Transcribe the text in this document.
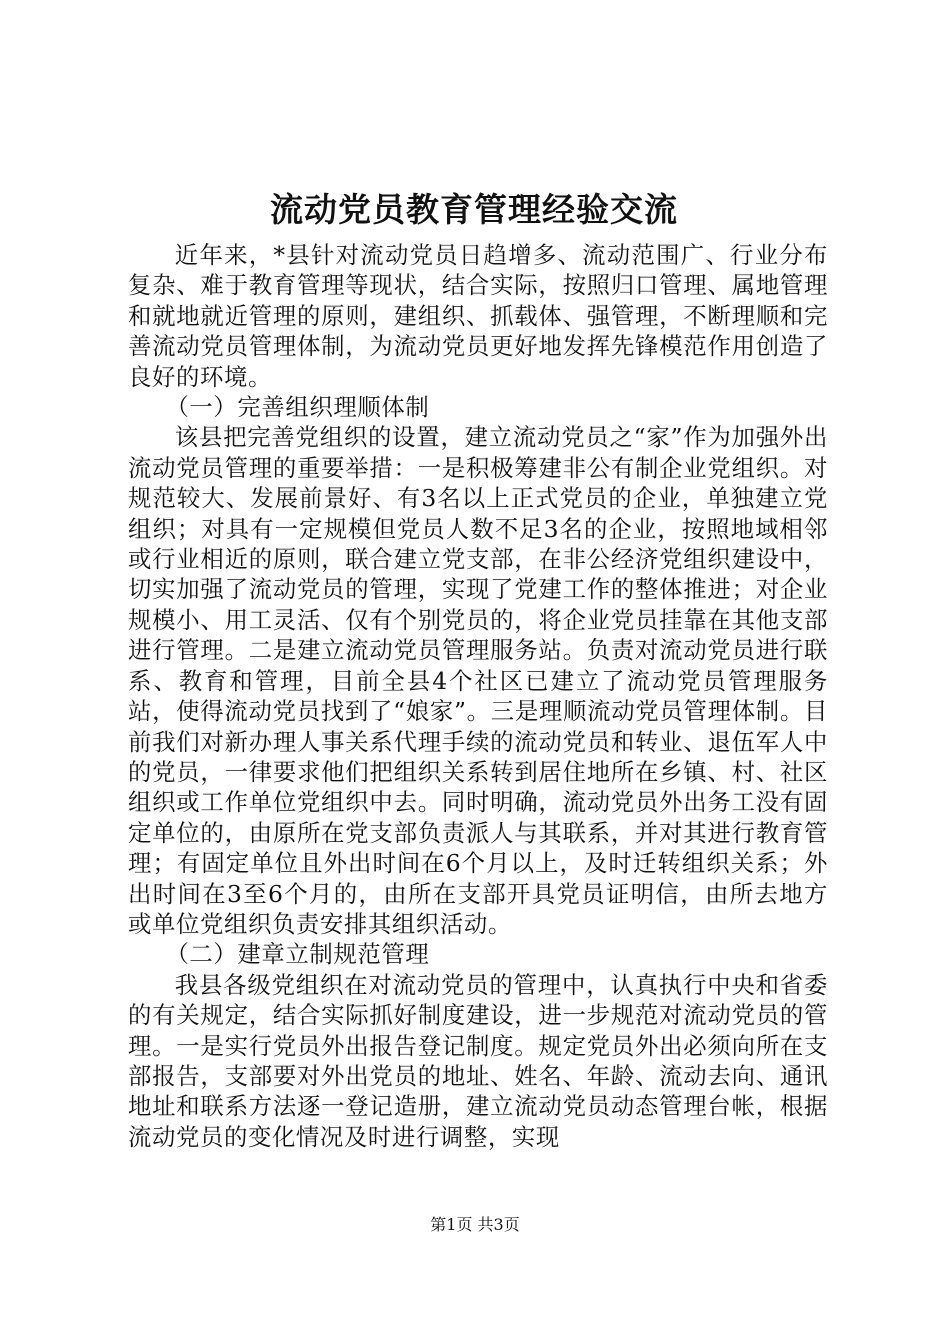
流动党员教育管理经验交流

近年来，*县针对流动党员日趋增多、流动范围广、行业分布复杂、难于教育管理等现状，结合实际，按照归口管理、属地管理和就地就近管理的原则，建组织、抓载体、强管理，不断理顺和完善流动党员管理体制，为流动党员更好地发挥先锋模范作用创造了良好的环境。

（一）完善组织理顺体制

该县把完善党组织的设置，建立流动党员之“家”作为加强外出流动党员管理的重要举措：一是积极筹建非公有制企业党组织。对规范较大、发展前景好、有3名以上正式党员的企业，单独建立党组织；对具有一定规模但党员人数不足3名的企业，按照地域相邻或行业相近的原则，联合建立党支部，在非公经济党组织建设中，切实加强了流动党员的管理，实现了党建工作的整体推进；对企业规模小、用工灵活、仅有个别党员的，将企业党员挂靠在其他支部进行管理。二是建立流动党员管理服务站。负责对流动党员进行联系、教育和管理，目前全县4个社区已建立了流动党员管理服务站，使得流动党员找到了“娘家”。三是理顺流动党员管理体制。目前我们对新办理人事关系代理手续的流动党员和转业、退伍军人中的党员，一律要求他们把组织关系转到居住地所在乡镇、村、社区组织或工作单位党组织中去。同时明确，流动党员外出务工没有固定单位的，由原所在党支部负责派人与其联系，并对其进行教育管理；有固定单位且外出时间在6个月以上，及时迁转组织关系；外出时间在3至6个月的，由所在支部开具党员证明信，由所去地方或单位党组织负责安排其组织活动。

（二）建章立制规范管理

我县各级党组织在对流动党员的管理中，认真执行中央和省委的有关规定，结合实际抓好制度建设，进一步规范对流动党员的管理。一是实行党员外出报告登记制度。规定党员外出必须向所在支部报告，支部要对外出党员的地址、姓名、年龄、流动去向、通讯地址和联系方法逐一登记造册，建立流动党员动态管理台帐，根据流动党员的变化情况及时进行调整，实现

第1页 共3页
